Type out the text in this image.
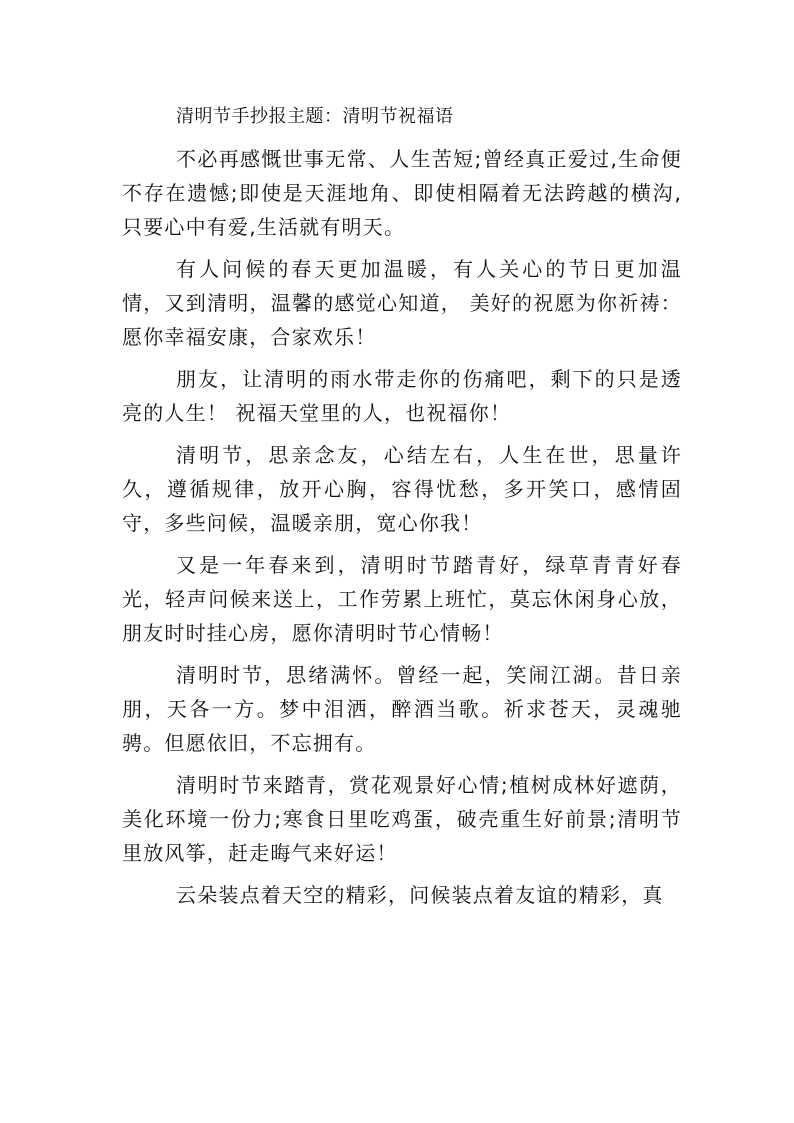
清明节手抄报主题：清明节祝福语

不必再感慨世事无常、人生苦短;曾经真正爱过,生命便不存在遗憾;即使是天涯地角、即使相隔着无法跨越的横沟,只要心中有爱,生活就有明天。

有人问候的春天更加温暖，有人关心的节日更加温情，又到清明，温馨的感觉心知道， 美好的祝愿为你祈祷：愿你幸福安康，合家欢乐！

朋友，让清明的雨水带走你的伤痛吧，剩下的只是透亮的人生！ 祝福天堂里的人，也祝福你！

清明节，思亲念友，心结左右，人生在世，思量许久，遵循规律，放开心胸，容得忧愁，多开笑口，感情固守，多些问候，温暖亲朋，宽心你我！

又是一年春来到，清明时节踏青好，绿草青青好春光，轻声问候来送上，工作劳累上班忙，莫忘休闲身心放，朋友时时挂心房，愿你清明时节心情畅！

清明时节，思绪满怀。曾经一起，笑闹江湖。昔日亲朋，天各一方。梦中泪洒，醉酒当歌。祈求苍天，灵魂驰骋。但愿依旧，不忘拥有。

清明时节来踏青，赏花观景好心情;植树成林好遮荫，美化环境一份力;寒食日里吃鸡蛋，破壳重生好前景;清明节里放风筝，赶走晦气来好运！

云朵装点着天空的精彩，问候装点着友谊的精彩，真
